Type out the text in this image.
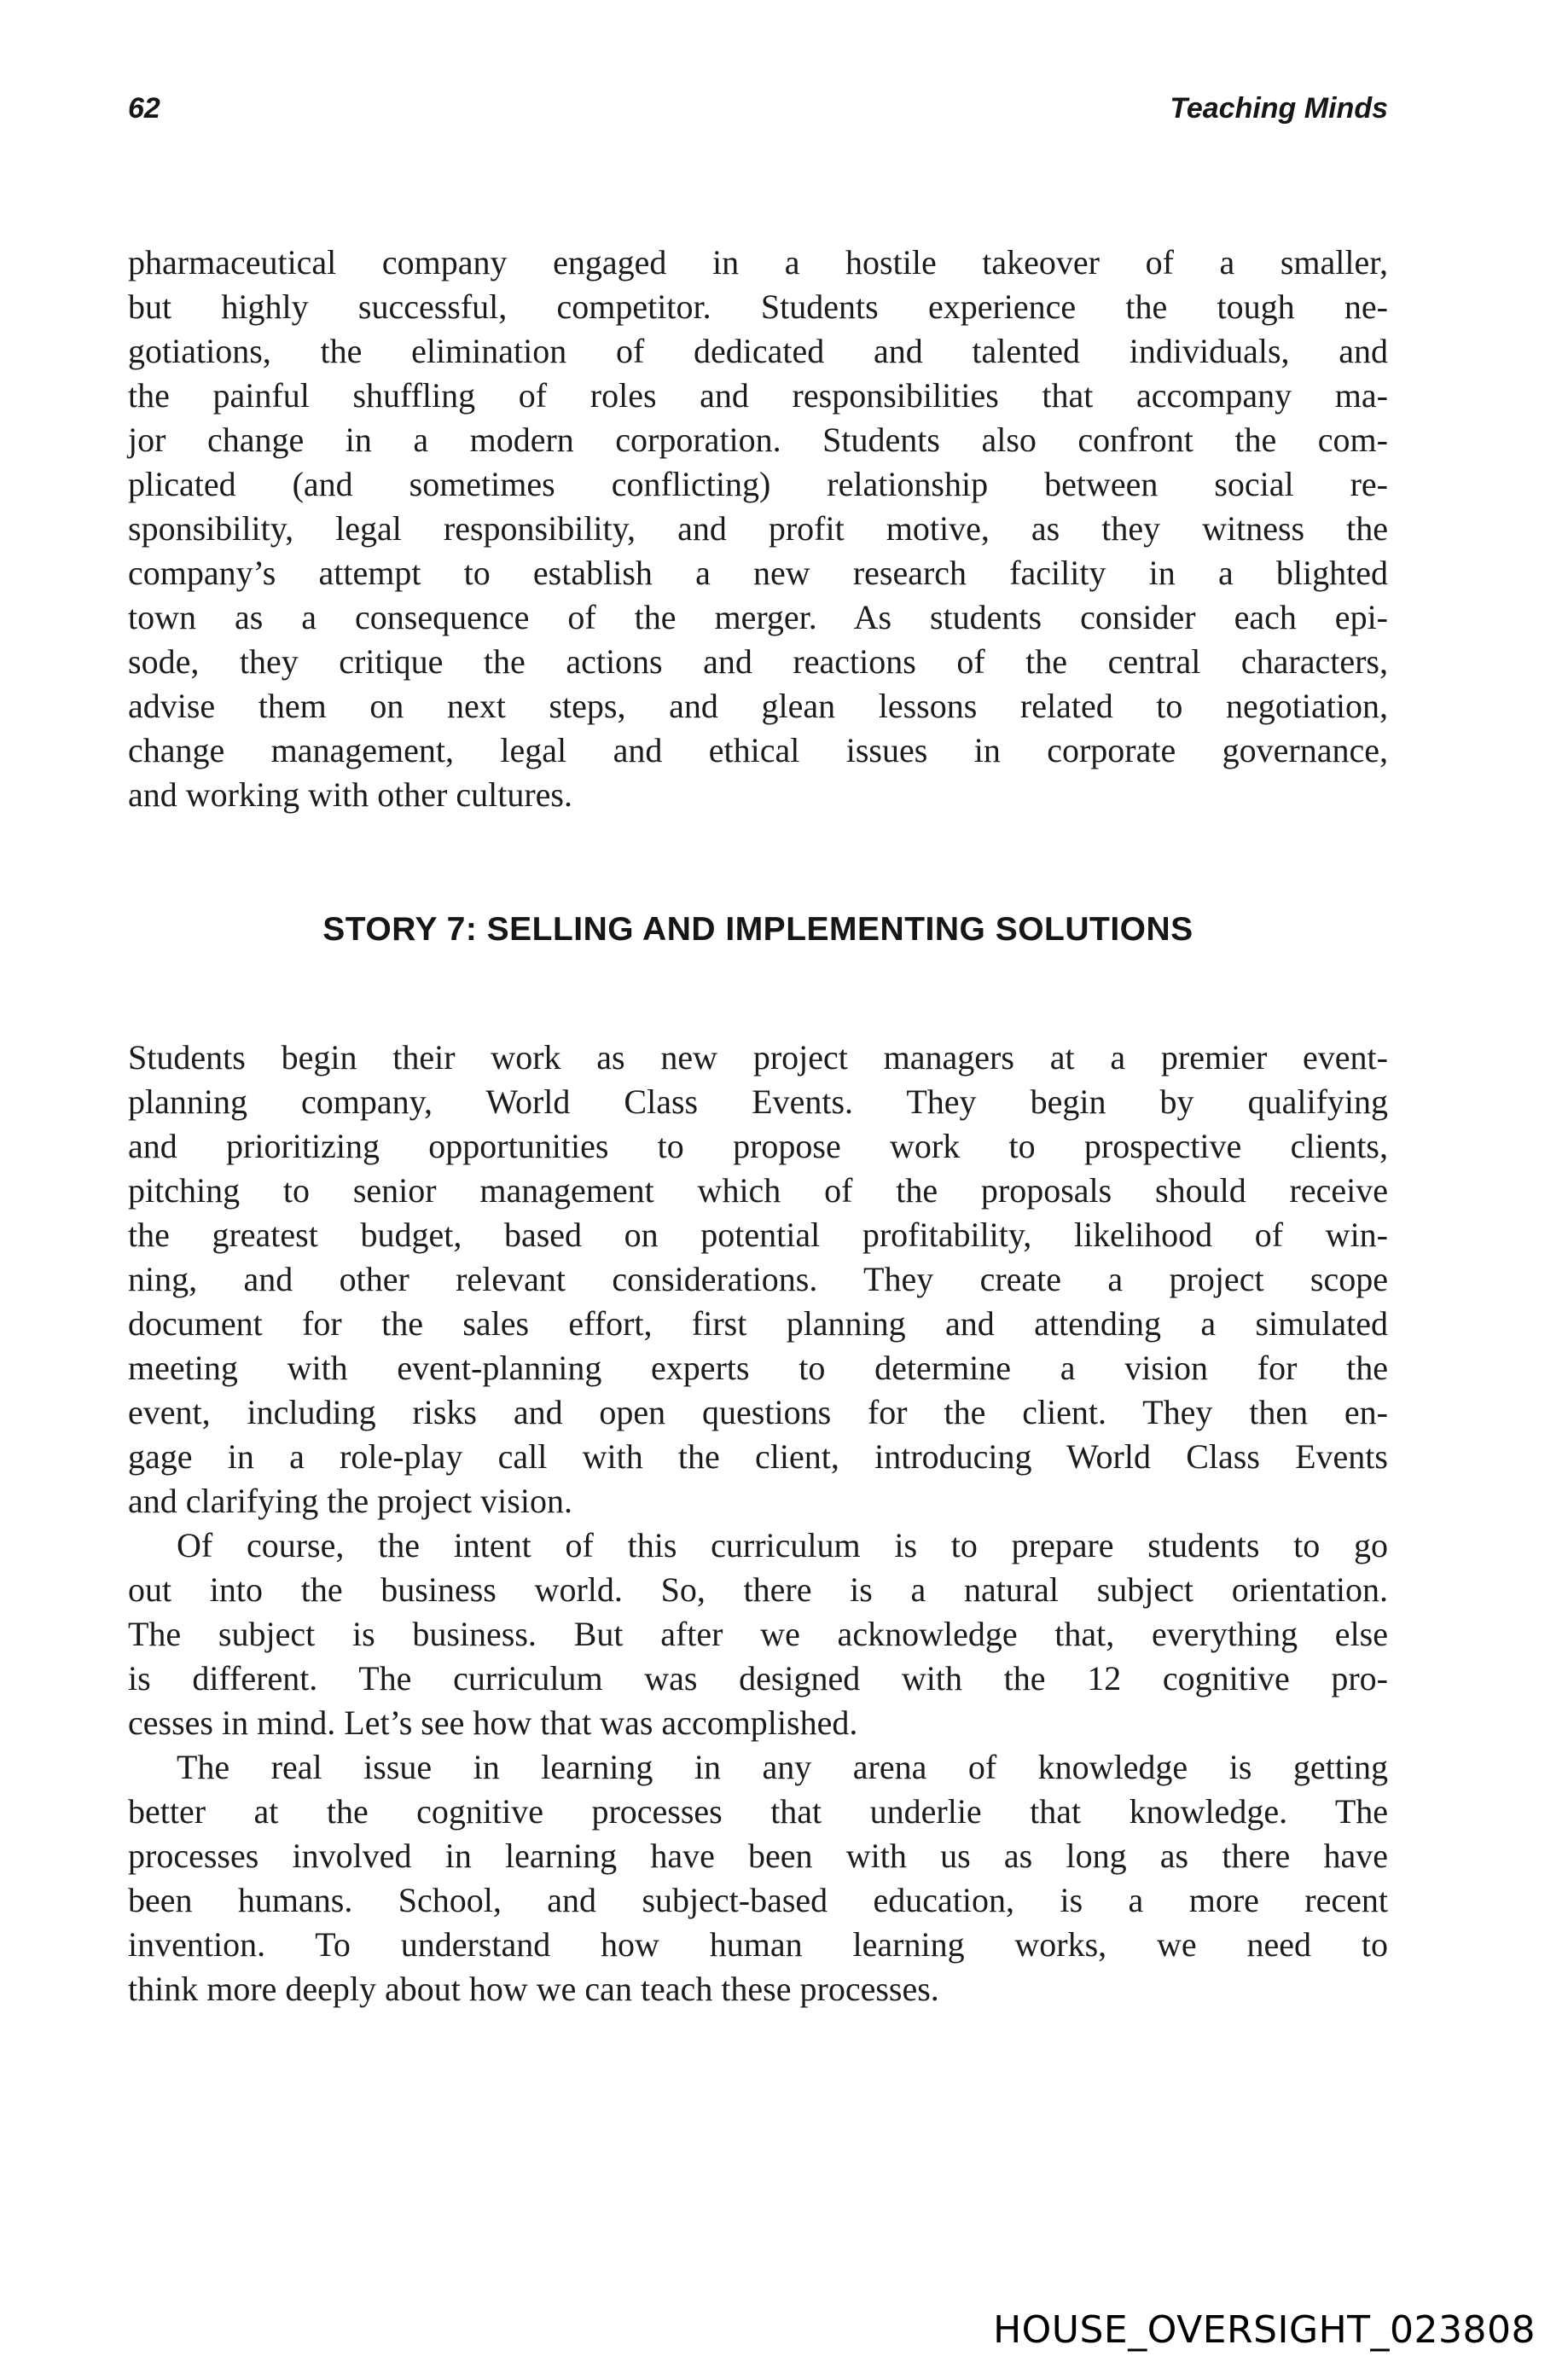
62	Teaching Minds
pharmaceutical company engaged in a hostile takeover of a smaller,
but highly successful, competitor. Students experience the tough ne-
gotiations, the elimination of dedicated and talented individuals, and
the painful shuffling of roles and responsibilities that accompany ma-
jor change in a modern corporation. Students also confront the com-
plicated (and sometimes conflicting) relationship between social re-
sponsibility, legal responsibility, and profit motive, as they witness the
company’s attempt to establish a new research facility in a blighted
town as a consequence of the merger. As students consider each epi-
sode, they critique the actions and reactions of the central characters,
advise them on next steps, and glean lessons related to negotiation,
change management, legal and ethical issues in corporate governance,
and working with other cultures.
STORY 7: SELLING AND IMPLEMENTING SOLUTIONS
Students begin their work as new project managers at a premier event-
planning company, World Class Events. They begin by qualifying
and prioritizing opportunities to propose work to prospective clients,
pitching to senior management which of the proposals should receive
the greatest budget, based on potential profitability, likelihood of win-
ning, and other relevant considerations. They create a project scope
document for the sales effort, first planning and attending a simulated
meeting with event-planning experts to determine a vision for the
event, including risks and open questions for the client. They then en-
gage in a role-play call with the client, introducing World Class Events
and clarifying the project vision.
Of course, the intent of this curriculum is to prepare students to go
out into the business world. So, there is a natural subject orientation.
The subject is business. But after we acknowledge that, everything else
is different. The curriculum was designed with the 12 cognitive pro-
cesses in mind. Let’s see how that was accomplished.
The real issue in learning in any arena of knowledge is getting
better at the cognitive processes that underlie that knowledge. The
processes involved in learning have been with us as long as there have
been humans. School, and subject-based education, is a more recent
invention. To understand how human learning works, we need to
think more deeply about how we can teach these processes.
HOUSE_OVERSIGHT_023808
